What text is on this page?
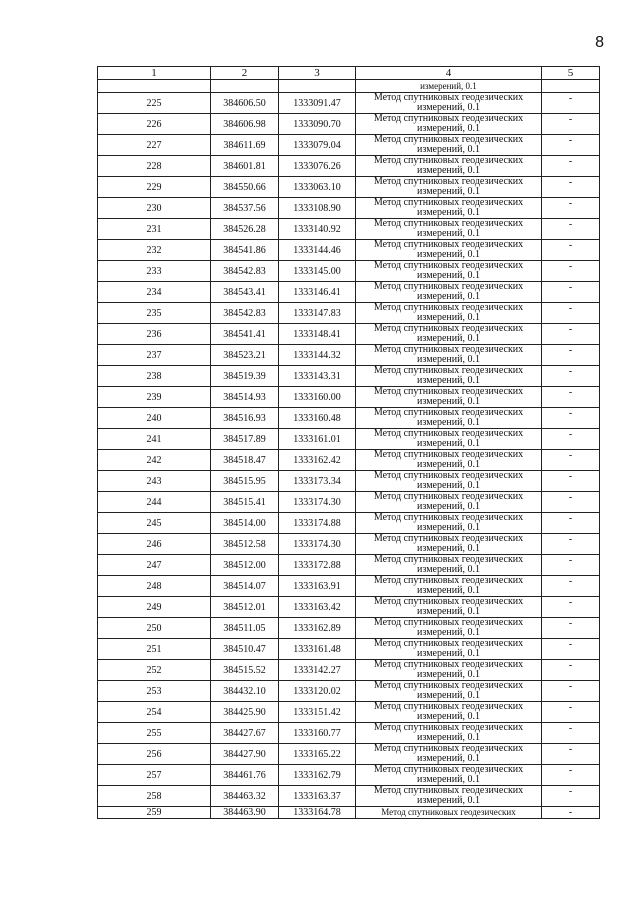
8
1	2	3	4	5
			измерений, 0.1	
225	384606.50	1333091.47	Метод спутниковых геодезических
измерений, 0.1	-
226	384606.98	1333090.70	Метод спутниковых геодезических
измерений, 0.1	-
227	384611.69	1333079.04	Метод спутниковых геодезических
измерений, 0.1	-
228	384601.81	1333076.26	Метод спутниковых геодезических
измерений, 0.1	-
229	384550.66	1333063.10	Метод спутниковых геодезических
измерений, 0.1	-
230	384537.56	1333108.90	Метод спутниковых геодезических
измерений, 0.1	-
231	384526.28	1333140.92	Метод спутниковых геодезических
измерений, 0.1	-
232	384541.86	1333144.46	Метод спутниковых геодезических
измерений, 0.1	-
233	384542.83	1333145.00	Метод спутниковых геодезических
измерений, 0.1	-
234	384543.41	1333146.41	Метод спутниковых геодезических
измерений, 0.1	-
235	384542.83	1333147.83	Метод спутниковых геодезических
измерений, 0.1	-
236	384541.41	1333148.41	Метод спутниковых геодезических
измерений, 0.1	-
237	384523.21	1333144.32	Метод спутниковых геодезических
измерений, 0.1	-
238	384519.39	1333143.31	Метод спутниковых геодезических
измерений, 0.1	-
239	384514.93	1333160.00	Метод спутниковых геодезических
измерений, 0.1	-
240	384516.93	1333160.48	Метод спутниковых геодезических
измерений, 0.1	-
241	384517.89	1333161.01	Метод спутниковых геодезических
измерений, 0.1	-
242	384518.47	1333162.42	Метод спутниковых геодезических
измерений, 0.1	-
243	384515.95	1333173.34	Метод спутниковых геодезических
измерений, 0.1	-
244	384515.41	1333174.30	Метод спутниковых геодезических
измерений, 0.1	-
245	384514.00	1333174.88	Метод спутниковых геодезических
измерений, 0.1	-
246	384512.58	1333174.30	Метод спутниковых геодезических
измерений, 0.1	-
247	384512.00	1333172.88	Метод спутниковых геодезических
измерений, 0.1	-
248	384514.07	1333163.91	Метод спутниковых геодезических
измерений, 0.1	-
249	384512.01	1333163.42	Метод спутниковых геодезических
измерений, 0.1	-
250	384511.05	1333162.89	Метод спутниковых геодезических
измерений, 0.1	-
251	384510.47	1333161.48	Метод спутниковых геодезических
измерений, 0.1	-
252	384515.52	1333142.27	Метод спутниковых геодезических
измерений, 0.1	-
253	384432.10	1333120.02	Метод спутниковых геодезических
измерений, 0.1	-
254	384425.90	1333151.42	Метод спутниковых геодезических
измерений, 0.1	-
255	384427.67	1333160.77	Метод спутниковых геодезических
измерений, 0.1	-
256	384427.90	1333165.22	Метод спутниковых геодезических
измерений, 0.1	-
257	384461.76	1333162.79	Метод спутниковых геодезических
измерений, 0.1	-
258	384463.32	1333163.37	Метод спутниковых геодезических
измерений, 0.1	-
259	384463.90	1333164.78	Метод спутниковых геодезических	-
